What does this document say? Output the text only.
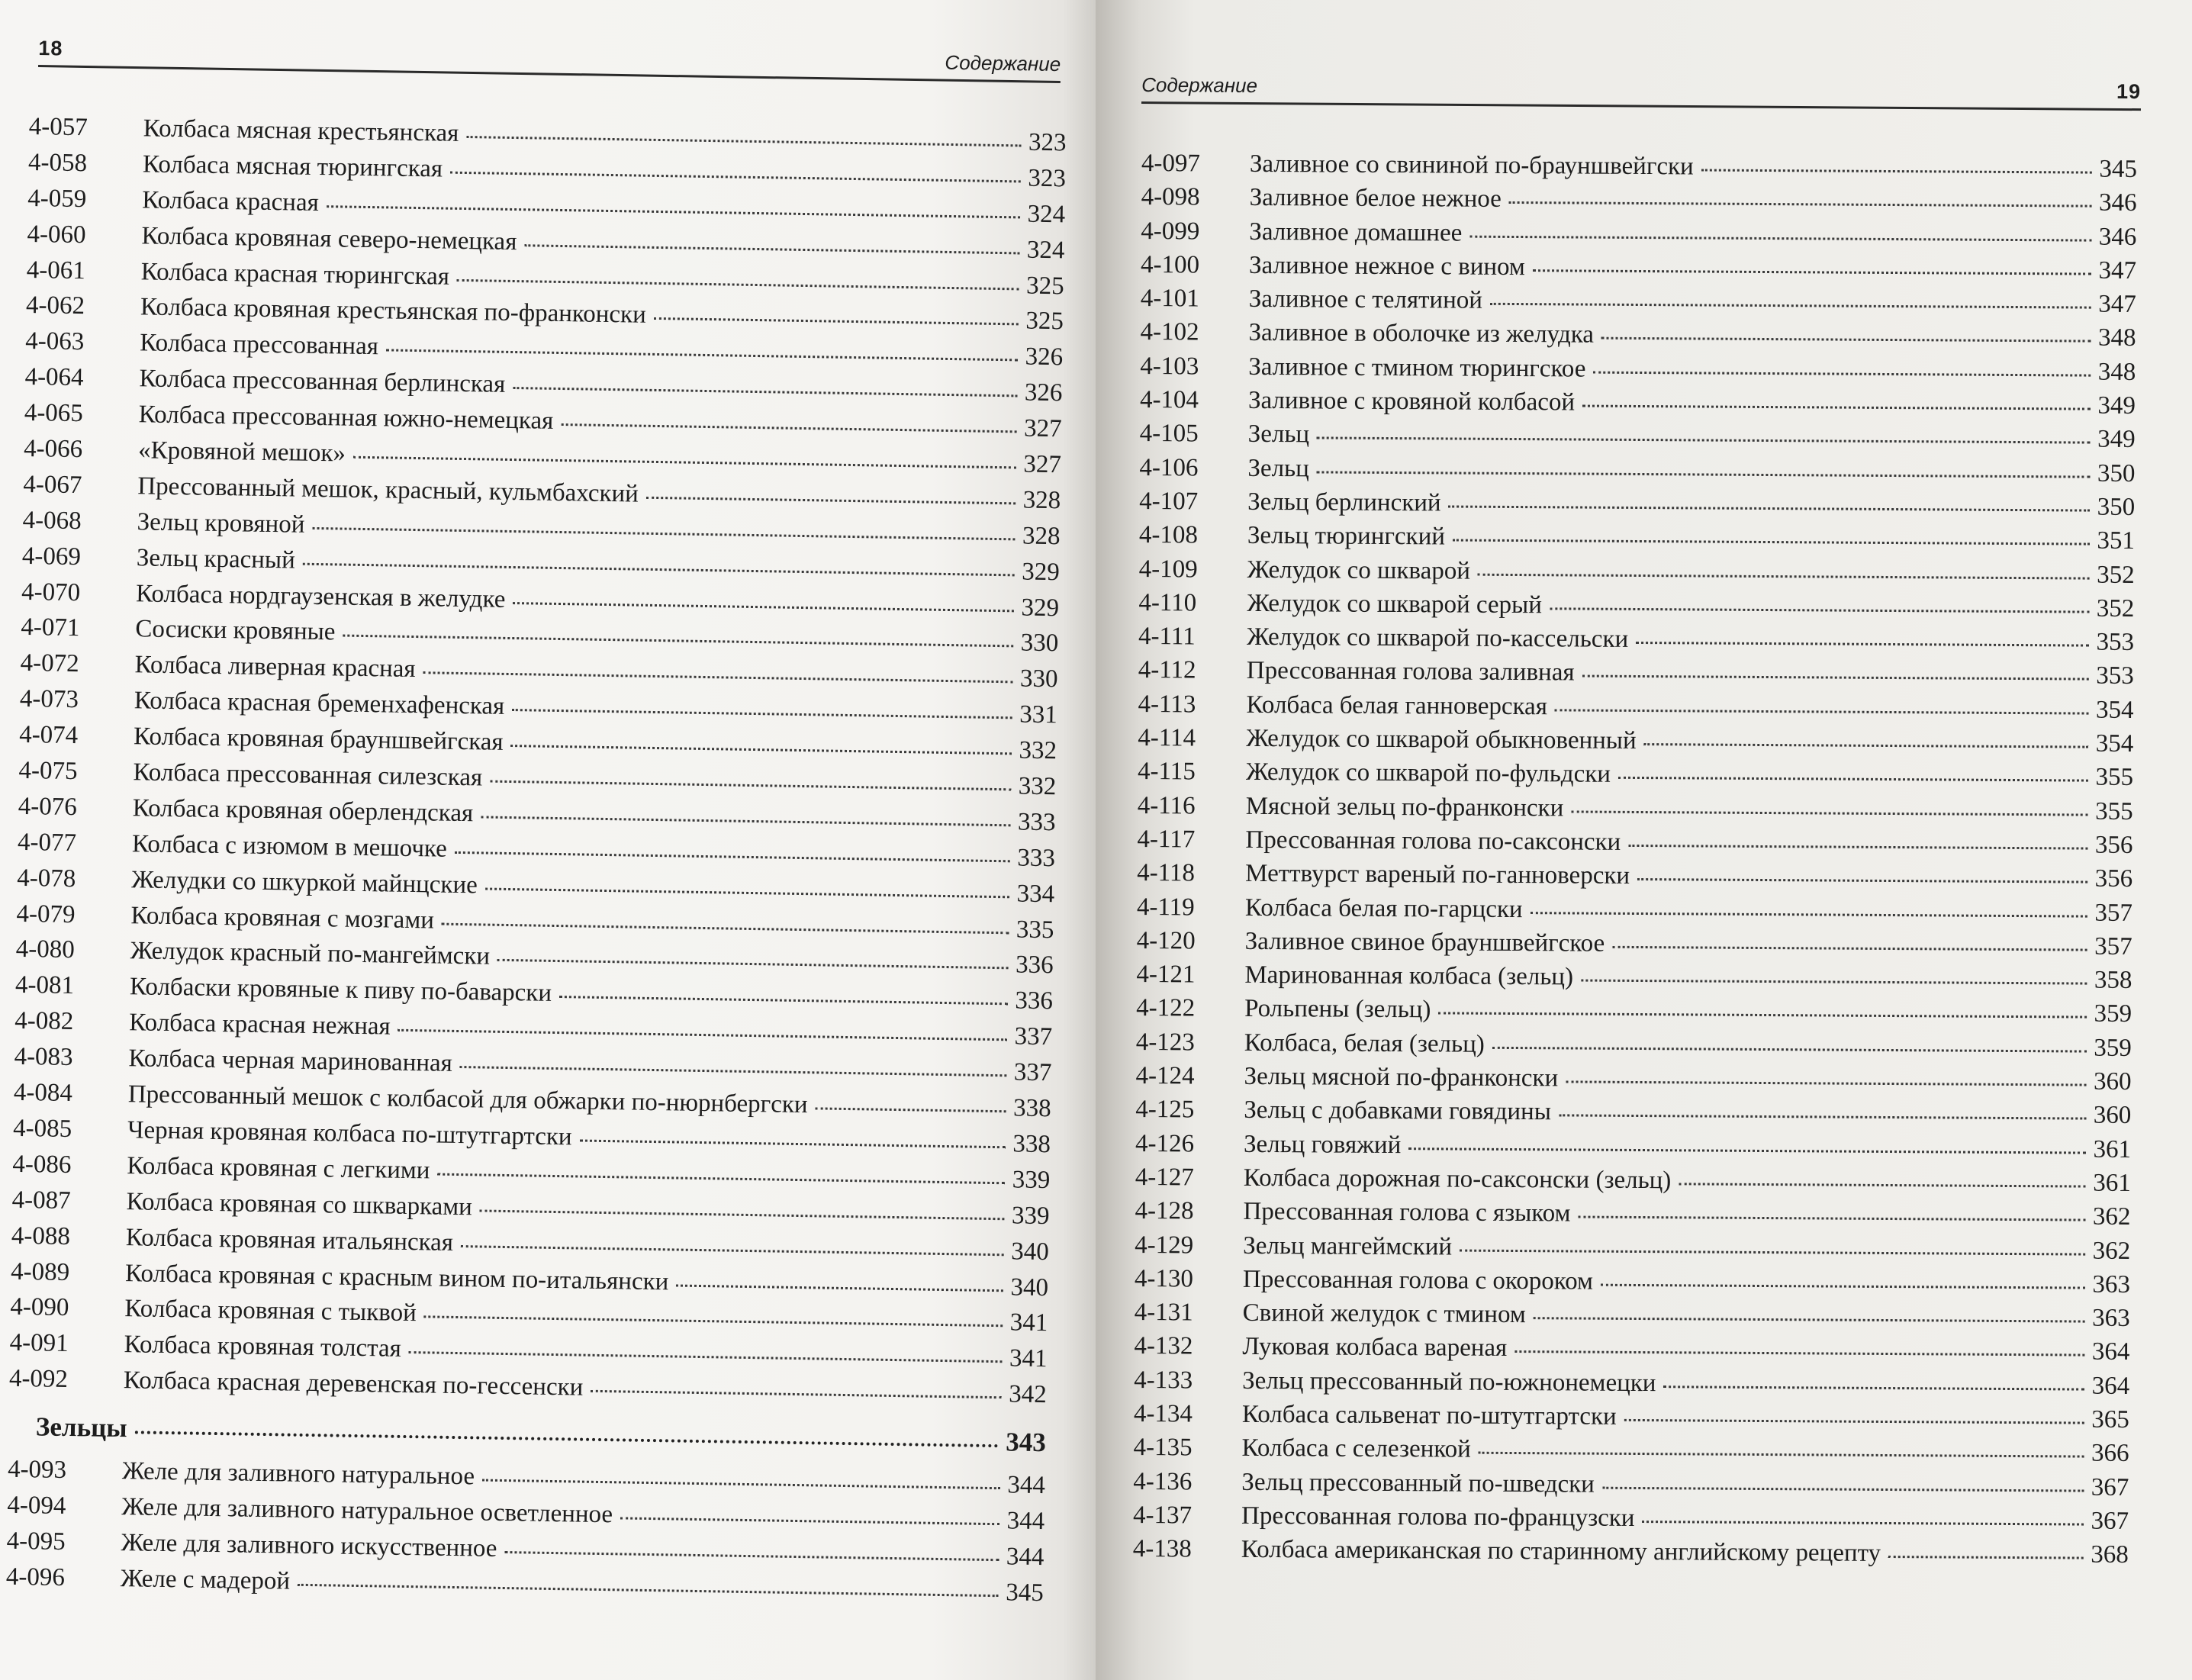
18
Содержание
4-057	Колбаса мясная крестьянская	323
4-058	Колбаса мясная тюрингская	323
4-059	Колбаса красная	324
4-060	Колбаса кровяная северо-немецкая	324
4-061	Колбаса красная тюрингская	325
4-062	Колбаса кровяная крестьянская по-франконски	325
4-063	Колбаса прессованная	326
4-064	Колбаса прессованная берлинская	326
4-065	Колбаса прессованная южно-немецкая	327
4-066	«Кровяной мешок»	327
4-067	Прессованный мешок, красный, кульмбахский	328
4-068	Зельц кровяной	328
4-069	Зельц красный	329
4-070	Колбаса нордгаузенская в желудке	329
4-071	Сосиски кровяные	330
4-072	Колбаса ливерная красная	330
4-073	Колбаса красная бременхафенская	331
4-074	Колбаса кровяная брауншвейгская	332
4-075	Колбаса прессованная силезская	332
4-076	Колбаса кровяная оберлендская	333
4-077	Колбаса с изюмом в мешочке	333
4-078	Желудки со шкуркой майнцские	334
4-079	Колбаса кровяная с мозгами	335
4-080	Желудок красный по-мангеймски	336
4-081	Колбаски кровяные к пиву по-баварски	336
4-082	Колбаса красная нежная	337
4-083	Колбаса черная маринованная	337
4-084	Прессованный мешок с колбасой для обжарки по-нюрнбергски	338
4-085	Черная кровяная колбаса по-штутгартски	338
4-086	Колбаса кровяная с легкими	339
4-087	Колбаса кровяная со шкварками	339
4-088	Колбаса кровяная итальянская	340
4-089	Колбаса кровяная с красным вином по-итальянски	340
4-090	Колбаса кровяная с тыквой	341
4-091	Колбаса кровяная толстая	341
4-092	Колбаса красная деревенская по-гессенски	342
Зельцы	343
4-093	Желе для заливного натуральное	344
4-094	Желе для заливного натуральное осветленное	344
4-095	Желе для заливного искусственное	344
4-096	Желе с мадерой	345
Содержание	19
4-097	Заливное со свининой по-брауншвейгски	345
4-098	Заливное белое нежное	346
4-099	Заливное домашнее	346
4-100	Заливное нежное с вином	347
4-101	Заливное с телятиной	347
4-102	Заливное в оболочке из желудка	348
4-103	Заливное с тмином тюрингское	348
4-104	Заливное с кровяной колбасой	349
4-105	Зельц	349
4-106	Зельц	350
4-107	Зельц берлинский	350
4-108	Зельц тюрингский	351
4-109	Желудок со шкварой	352
4-110	Желудок со шкварой серый	352
4-111	Желудок со шкварой по-кассельски	353
4-112	Прессованная голова заливная	353
4-113	Колбаса белая ганноверская	354
4-114	Желудок со шкварой обыкновенный	354
4-115	Желудок со шкварой по-фульдски	355
4-116	Мясной зельц по-франконски	355
4-117	Прессованная голова по-саксонски	356
4-118	Меттвурст вареный по-ганноверски	356
4-119	Колбаса белая по-гарцски	357
4-120	Заливное свиное брауншвейгское	357
4-121	Маринованная колбаса (зельц)	358
4-122	Рольпены (зельц)	359
4-123	Колбаса, белая (зельц)	359
4-124	Зельц мясной по-франконски	360
4-125	Зельц с добавками говядины	360
4-126	Зельц говяжий	361
4-127	Колбаса дорожная по-саксонски (зельц)	361
4-128	Прессованная голова с языком	362
4-129	Зельц мангеймский	362
4-130	Прессованная голова с окороком	363
4-131	Свиной желудок с тмином	363
4-132	Луковая колбаса вареная	364
4-133	Зельц прессованный по-южнонемецки	364
4-134	Колбаса сальвенат по-штутгартски	365
4-135	Колбаса с селезенкой	366
4-136	Зельц прессованный по-шведски	367
4-137	Прессованная голова по-французски	367
4-138	Колбаса американская по старинному английскому рецепту	368
